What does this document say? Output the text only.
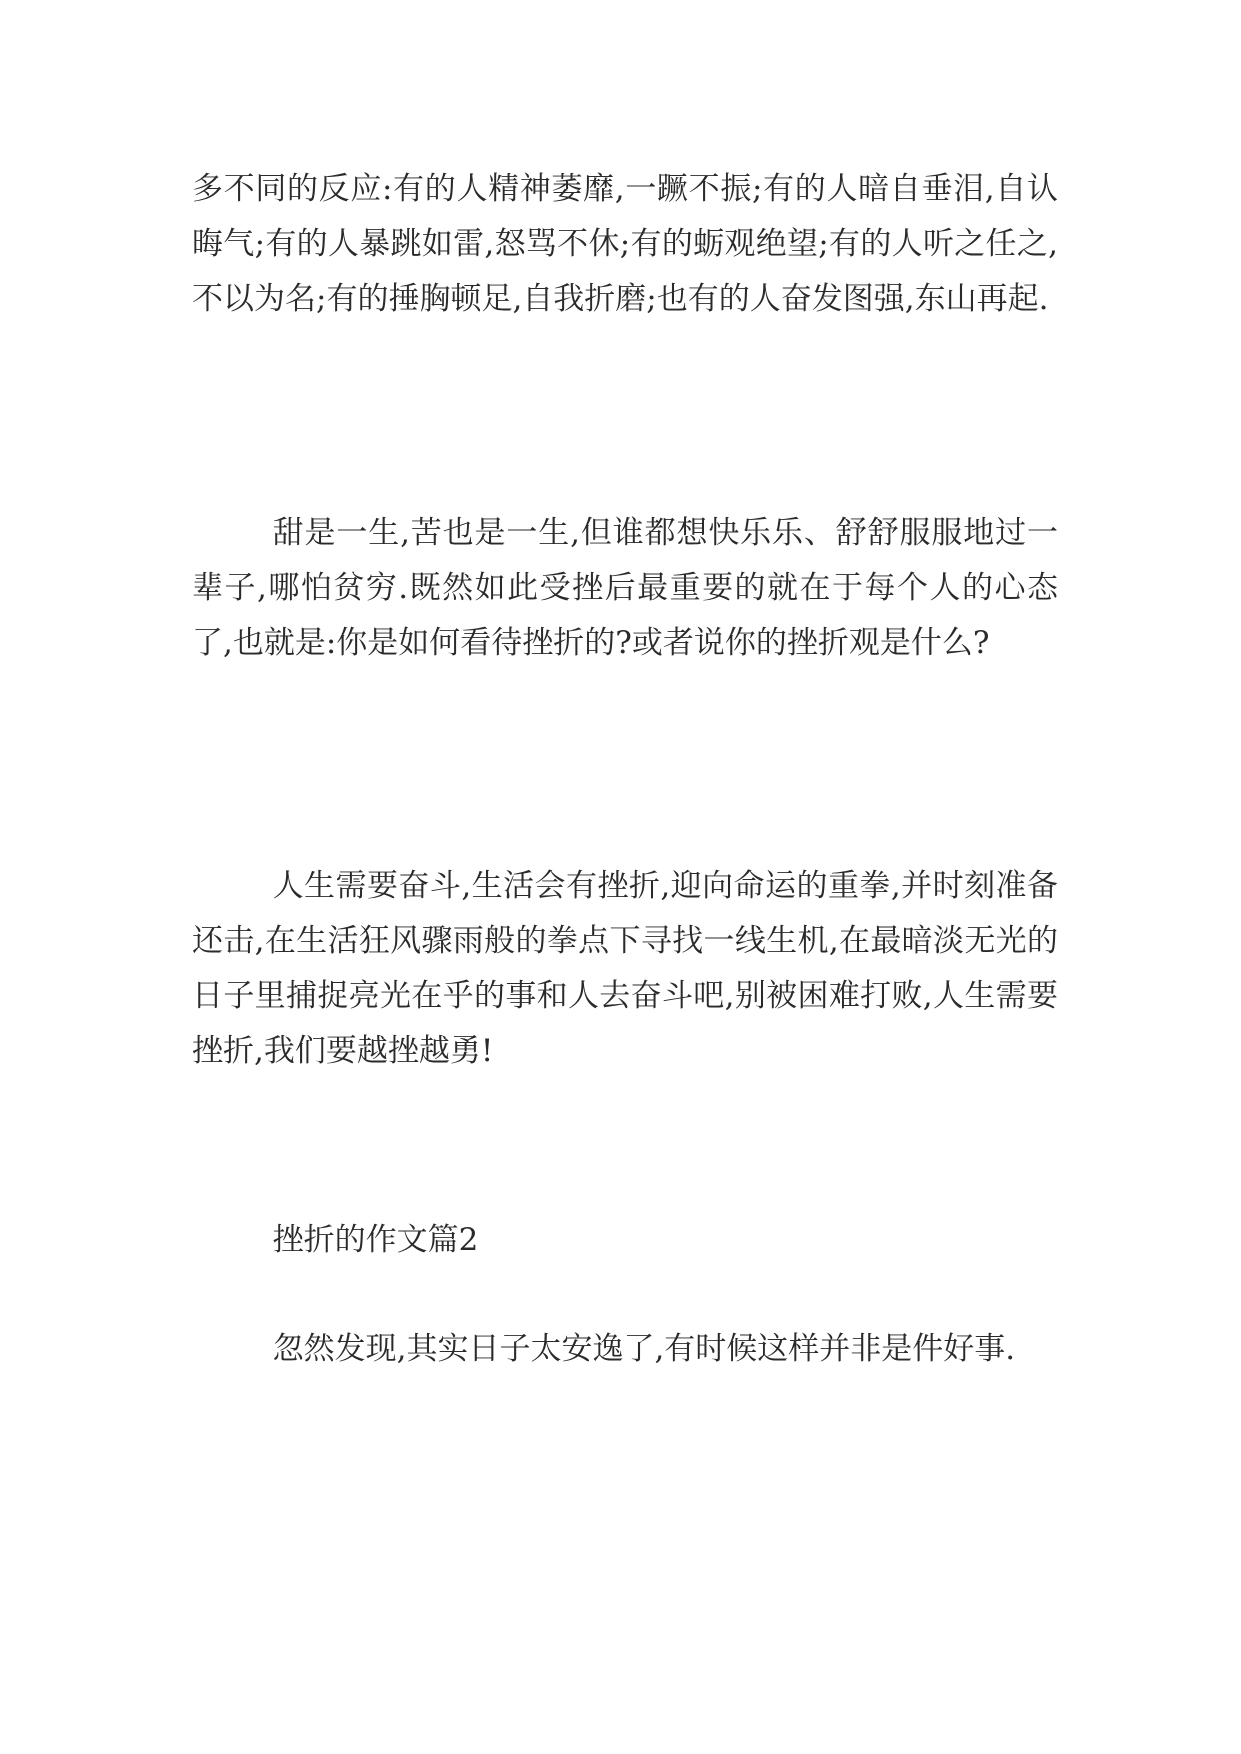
多不同的反应:有的人精神萎靡,一蹶不振;有的人暗自垂泪,自认晦气;有的人暴跳如雷,怒骂不休;有的蛎观绝望;有的人听之任之,不以为名;有的捶胸顿足,自我折磨;也有的人奋发图强,东山再起.

甜是一生,苦也是一生,但谁都想快乐乐、舒舒服服地过一辈子,哪怕贫穷.既然如此受挫后最重要的就在于每个人的心态了,也就是:你是如何看待挫折的?或者说你的挫折观是什么?

人生需要奋斗,生活会有挫折,迎向命运的重拳,并时刻准备还击,在生活狂风骤雨般的拳点下寻找一线生机,在最暗淡无光的日子里捕捉亮光在乎的事和人去奋斗吧,别被困难打败,人生需要挫折,我们要越挫越勇!

挫折的作文篇2

忽然发现,其实日子太安逸了,有时候这样并非是件好事.
